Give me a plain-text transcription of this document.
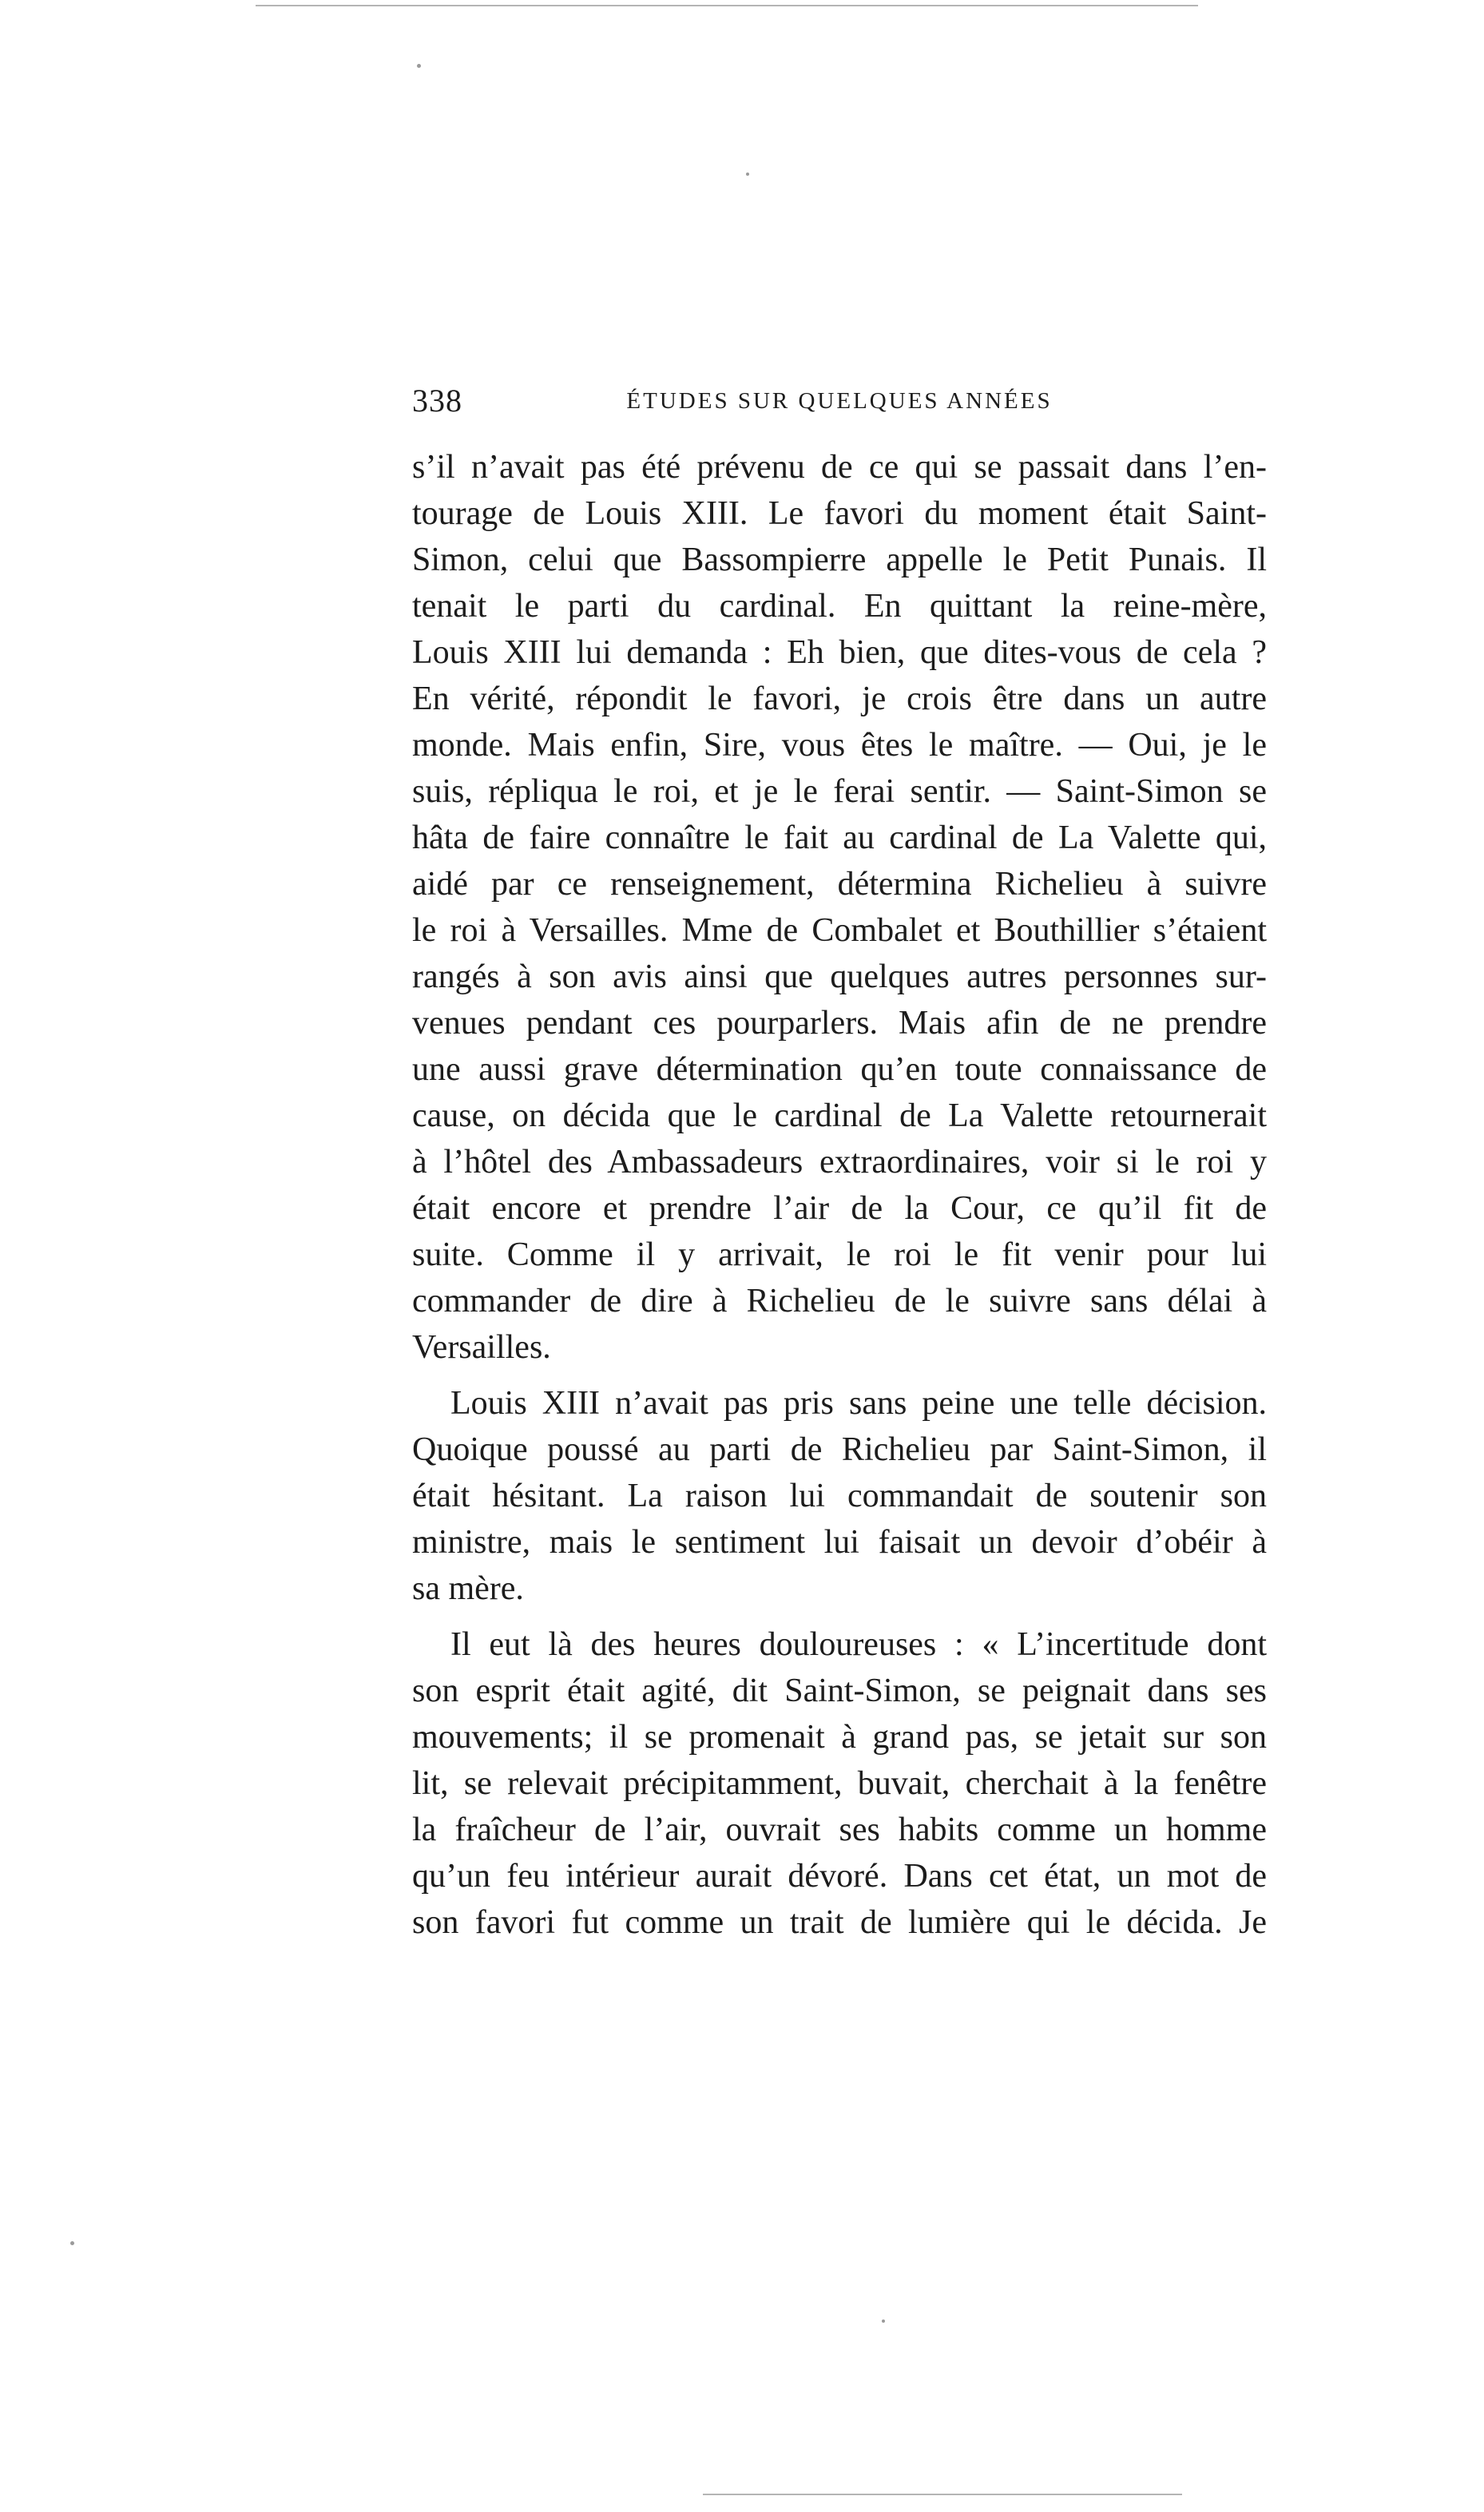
338	ÉTUDES SUR QUELQUES ANNÉES
s’il n’avait pas été prévenu de ce qui se passait dans l’en-
tourage de Louis XIII. Le favori du moment était Saint-
Simon, celui que Bassompierre appelle le Petit Punais. Il
tenait le parti du cardinal. En quittant la reine-mère,
Louis XIII lui demanda : Eh bien, que dites-vous de cela ?
En vérité, répondit le favori, je crois être dans un autre
monde. Mais enfin, Sire, vous êtes le maître. — Oui, je le
suis, répliqua le roi, et je le ferai sentir. — Saint-Simon se
hâta de faire connaître le fait au cardinal de La Valette qui,
aidé par ce renseignement, détermina Richelieu à suivre
le roi à Versailles. Mme de Combalet et Bouthillier s’étaient
rangés à son avis ainsi que quelques autres personnes sur-
venues pendant ces pourparlers. Mais afin de ne prendre
une aussi grave détermination qu’en toute connaissance de
cause, on décida que le cardinal de La Valette retournerait
à l’hôtel des Ambassadeurs extraordinaires, voir si le roi y
était encore et prendre l’air de la Cour, ce qu’il fit de
suite. Comme il y arrivait, le roi le fit venir pour lui
commander de dire à Richelieu de le suivre sans délai à
Versailles.
Louis XIII n’avait pas pris sans peine une telle décision.
Quoique poussé au parti de Richelieu par Saint-Simon, il
était hésitant. La raison lui commandait de soutenir son
ministre, mais le sentiment lui faisait un devoir d’obéir à
sa mère.
Il eut là des heures douloureuses : « L’incertitude dont
son esprit était agité, dit Saint-Simon, se peignait dans ses
mouvements; il se promenait à grand pas, se jetait sur son
lit, se relevait précipitamment, buvait, cherchait à la fenêtre
la fraîcheur de l’air, ouvrait ses habits comme un homme
qu’un feu intérieur aurait dévoré. Dans cet état, un mot de
son favori fut comme un trait de lumière qui le décida. Je
